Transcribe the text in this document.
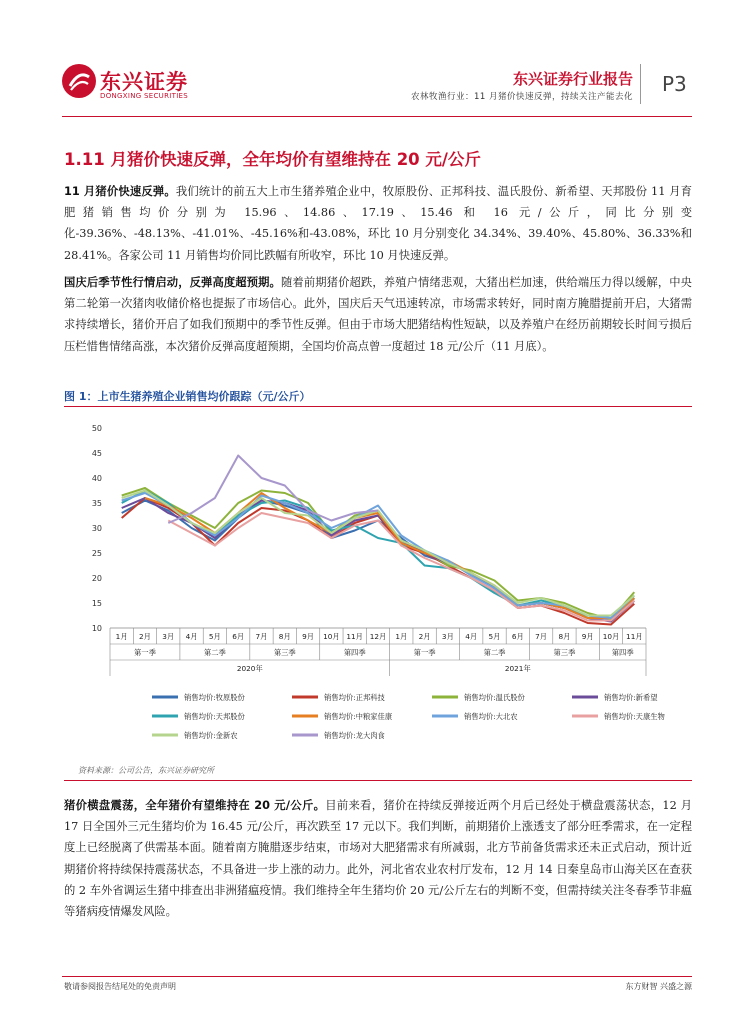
东兴证券
DONGXING SECURITIES
东兴证券行业报告
农林牧渔行业：11 月猪价快速反弹，持续关注产能去化
P3
1.11 月猪价快速反弹，全年均价有望维持在 20 元/公斤

11 月猪价快速反弹。我们统计的前五大上市生猪养殖企业中，牧原股份、正邦科技、温氏股份、新希望、天邦股份 11 月育肥猪销售均价分别为 15.96、14.86、17.19、15.46 和 16 元/公斤，同比分别变化-39.36%、-48.13%、-41.01%、-45.16%和-43.08%，环比 10 月分别变化 34.34%、39.40%、45.80%、36.33%和 28.41%。各家公司 11 月销售均价同比跌幅有所收窄，环比 10 月快速反弹。

国庆后季节性行情启动，反弹高度超预期。随着前期猪价超跌，养殖户情绪悲观，大猪出栏加速，供给端压力得以缓解，中央第二轮第一次猪肉收储价格也提振了市场信心。此外，国庆后天气迅速转凉，市场需求转好，同时南方腌腊提前开启，大猪需求持续增长，猪价开启了如我们预期中的季节性反弹。但由于市场大肥猪结构性短缺，以及养殖户在经历前期较长时间亏损后压栏惜售情绪高涨，本次猪价反弹高度超预期，全国均价高点曾一度超过 18 元/公斤（11 月底）。

图 1：上市生猪养殖企业销售均价跟踪（元/公斤）
10
15
20
25
30
35
40
45
50
1月 2月 3月 4月 5月 6月 7月 8月 9月 10月 11月 12月 1月 2月 3月 4月 5月 6月 7月 8月 9月 10月 11月
第一季	第二季	第三季	第四季	第一季	第二季	第三季	第四季
2020年	2021年
销售均价:牧原股份	销售均价:正邦科技	销售均价:温氏股份	销售均价:新希望
销售均价:天邦股份	销售均价:中粮家佳康	销售均价:大北农	销售均价:天康生物
销售均价:金新农	销售均价:龙大肉食
资料来源：公司公告，东兴证券研究所

猪价横盘震荡，全年猪价有望维持在 20 元/公斤。目前来看，猪价在持续反弹接近两个月后已经处于横盘震荡状态，12 月 17 日全国外三元生猪均价为 16.45 元/公斤，再次跌至 17 元以下。我们判断，前期猪价上涨透支了部分旺季需求，在一定程度上已经脱离了供需基本面。随着南方腌腊逐步结束，市场对大肥猪需求有所减弱，北方节前备货需求还未正式启动，预计近期猪价将持续保持震荡状态，不具备进一步上涨的动力。此外，河北省农业农村厅发布，12 月 14 日秦皇岛市山海关区在查获的 2 车外省调运生猪中排查出非洲猪瘟疫情。我们维持全年生猪均价 20 元/公斤左右的判断不变，但需持续关注冬春季节非瘟等猪病疫情爆发风险。

敬请参阅报告结尾处的免责声明	东方财智 兴盛之源
